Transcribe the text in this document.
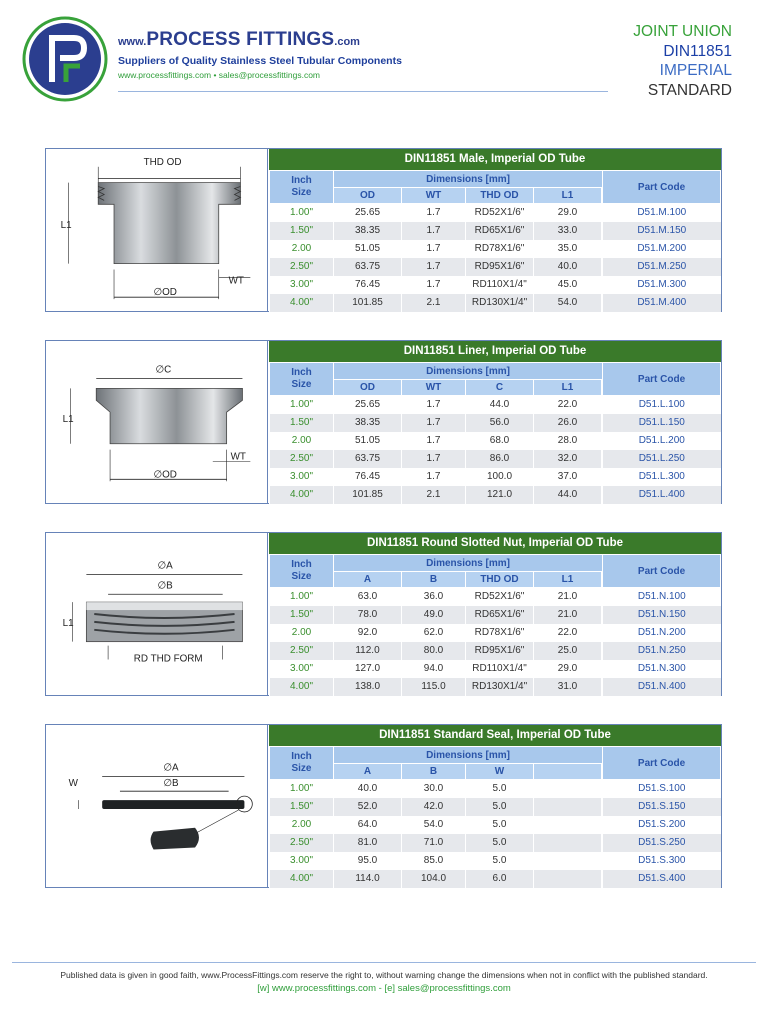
www.PROCESS FITTINGS.com
Suppliers of Quality Stainless Steel Tubular Components
www.processfittings.com • sales@processfittings.com
JOINT UNION
DIN11851
IMPERIAL
STANDARD
THD OD
L1
∅OD
WT
DIN11851 Male, Imperial OD Tube
Inch
Size	Dimensions [mm]				Part Code
	OD	WT	THD OD	L1	
1.00"	25.65	1.7	RD52X1/6"	29.0		D51.M.100
1.50"	38.35	1.7	RD65X1/6"	33.0		D51.M.150
2.00	51.05	1.7	RD78X1/6"	35.0		D51.M.200
2.50"	63.75	1.7	RD95X1/6"	40.0		D51.M.250
3.00"	76.45	1.7	RD110X1/4"	45.0		D51.M.300
4.00"	101.85	2.1	RD130X1/4"	54.0		D51.M.400
∅C
L1
∅OD
WT
DIN11851 Liner, Imperial OD Tube
Inch
Size	Dimensions [mm]				Part Code
	OD	WT	C	L1	
1.00"	25.65	1.7	44.0	22.0		D51.L.100
1.50"	38.35	1.7	56.0	26.0		D51.L.150
2.00	51.05	1.7	68.0	28.0		D51.L.200
2.50"	63.75	1.7	86.0	32.0		D51.L.250
3.00"	76.45	1.7	100.0	37.0		D51.L.300
4.00"	101.85	2.1	121.0	44.0		D51.L.400
∅A
∅B
L1
RD THD FORM
DIN11851 Round Slotted Nut, Imperial OD Tube
Inch
Size	Dimensions [mm]				Part Code
	A	B	THD OD	L1	
1.00"	63.0	36.0	RD52X1/6"	21.0		D51.N.100
1.50"	78.0	49.0	RD65X1/6"	21.0		D51.N.150
2.00	92.0	62.0	RD78X1/6"	22.0		D51.N.200
2.50"	112.0	80.0	RD95X1/6"	25.0		D51.N.250
3.00"	127.0	94.0	RD110X1/4"	29.0		D51.N.300
4.00"	138.0	115.0	RD130X1/4"	31.0		D51.N.400
∅A
∅B
W
DIN11851 Standard Seal, Imperial OD Tube
Inch
Size	Dimensions [mm]				Part Code
	A	B	W		
1.00"	40.0	30.0	5.0			D51.S.100
1.50"	52.0	42.0	5.0			D51.S.150
2.00	64.0	54.0	5.0			D51.S.200
2.50"	81.0	71.0	5.0			D51.S.250
3.00"	95.0	85.0	5.0			D51.S.300
4.00"	114.0	104.0	6.0			D51.S.400
Published data is given in good faith, www.ProcessFittings.com reserve the right to, without warning change the dimensions when not in conflict with the published standard.
[w] www.processfittings.com - [e] sales@processfittings.com
